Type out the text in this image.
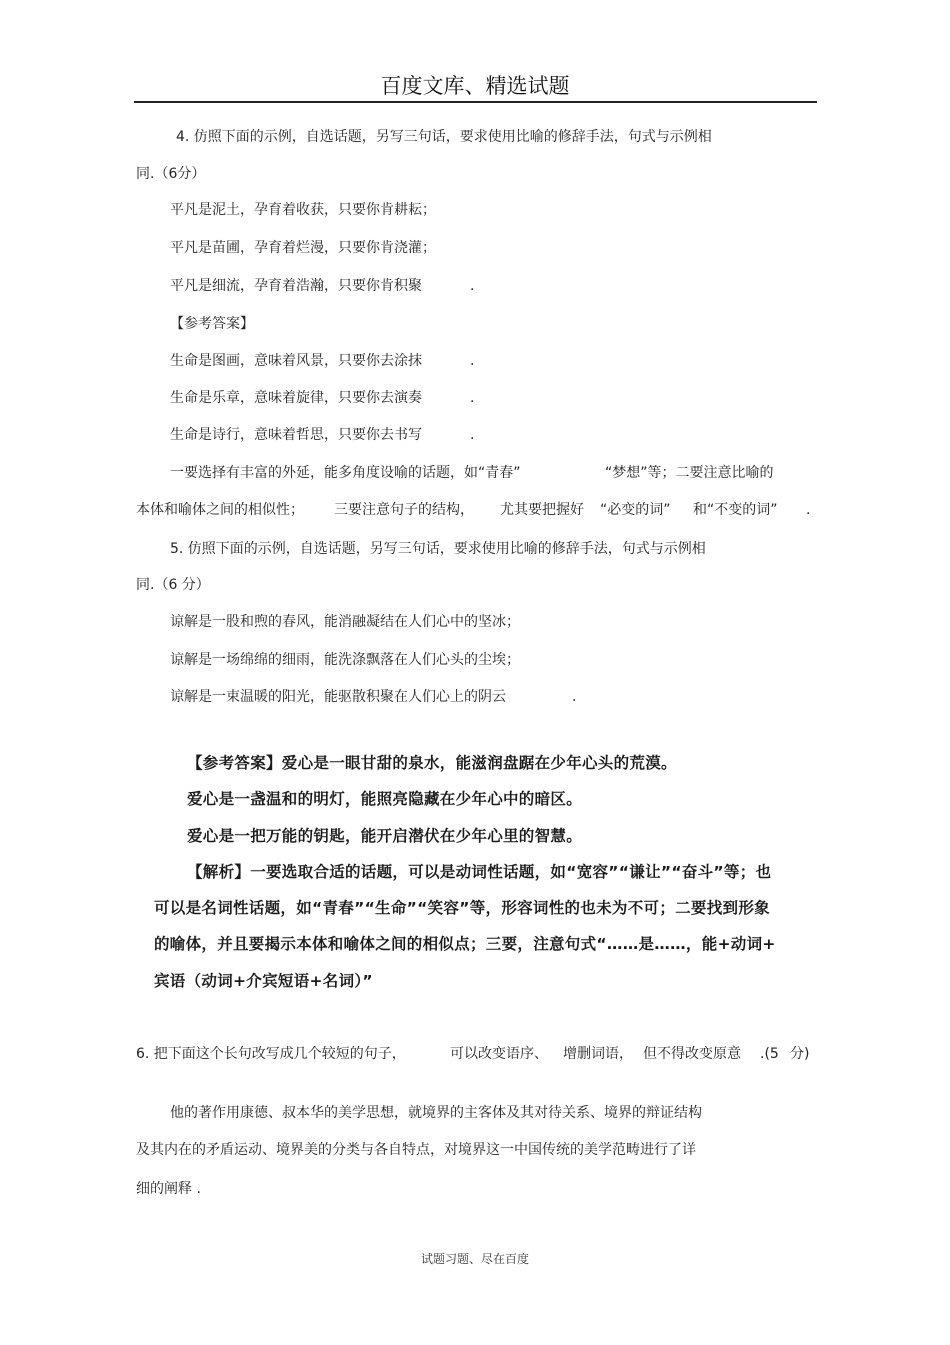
百度文库、精选试题
4. 仿照下面的示例，自选话题，另写三句话，要求使用比喻的修辞手法，句式与示例相
同.（6分）
平凡是泥土，孕育着收获，只要你肯耕耘；
平凡是苗圃，孕育着烂漫，只要你肯浇灌；
平凡是细流，孕育着浩瀚，只要你肯积聚	.
【参考答案】
生命是图画，意味着风景，只要你去涂抹	.
生命是乐章，意味着旋律，只要你去演奏	.
生命是诗行，意味着哲思，只要你去书写	.
一要选择有丰富的外延，能多角度设喻的话题，如“青春”	“梦想”等；二要注意比喻的
本体和喻体之间的相似性； 三要注意句子的结构， 尤其要把握好 “必变的词” 和“不变的词” .
5. 仿照下面的示例，自选话题，另写三句话，要求使用比喻的修辞手法，句式与示例相
同.（6 分）
谅解是一股和煦的春风，能消融凝结在人们心中的坚冰；
谅解是一场绵绵的细雨，能洗涤飘落在人们心头的尘埃；
谅解是一束温暖的阳光，能驱散积聚在人们心上的阴云	.
【参考答案】爱心是一眼甘甜的泉水，能滋润盘踞在少年心头的荒漠。
爱心是一盏温和的明灯，能照亮隐藏在少年心中的暗区。
爱心是一把万能的钥匙，能开启潜伏在少年心里的智慧。
【解析】一要选取合适的话题，可以是动词性话题，如“宽容”“谦让”“奋斗”等；也
可以是名词性话题，如“青春”“生命”“笑容”等，形容词性的也未为不可；二要找到形象
的喻体，并且要揭示本体和喻体之间的相似点；三要，注意句式“……是……，能+动词+
宾语（动词+介宾短语+名词）”
6. 把下面这个长句改写成几个较短的句子，	可以改变语序、 增删词语， 但不得改变原意 .(5 分)
他的著作用康德、叔本华的美学思想，就境界的主客体及其对待关系、境界的辩证结构
及其内在的矛盾运动、境界美的分类与各自特点，对境界这一中国传统的美学范畴进行了详
细的阐释 .
试题习题、尽在百度
